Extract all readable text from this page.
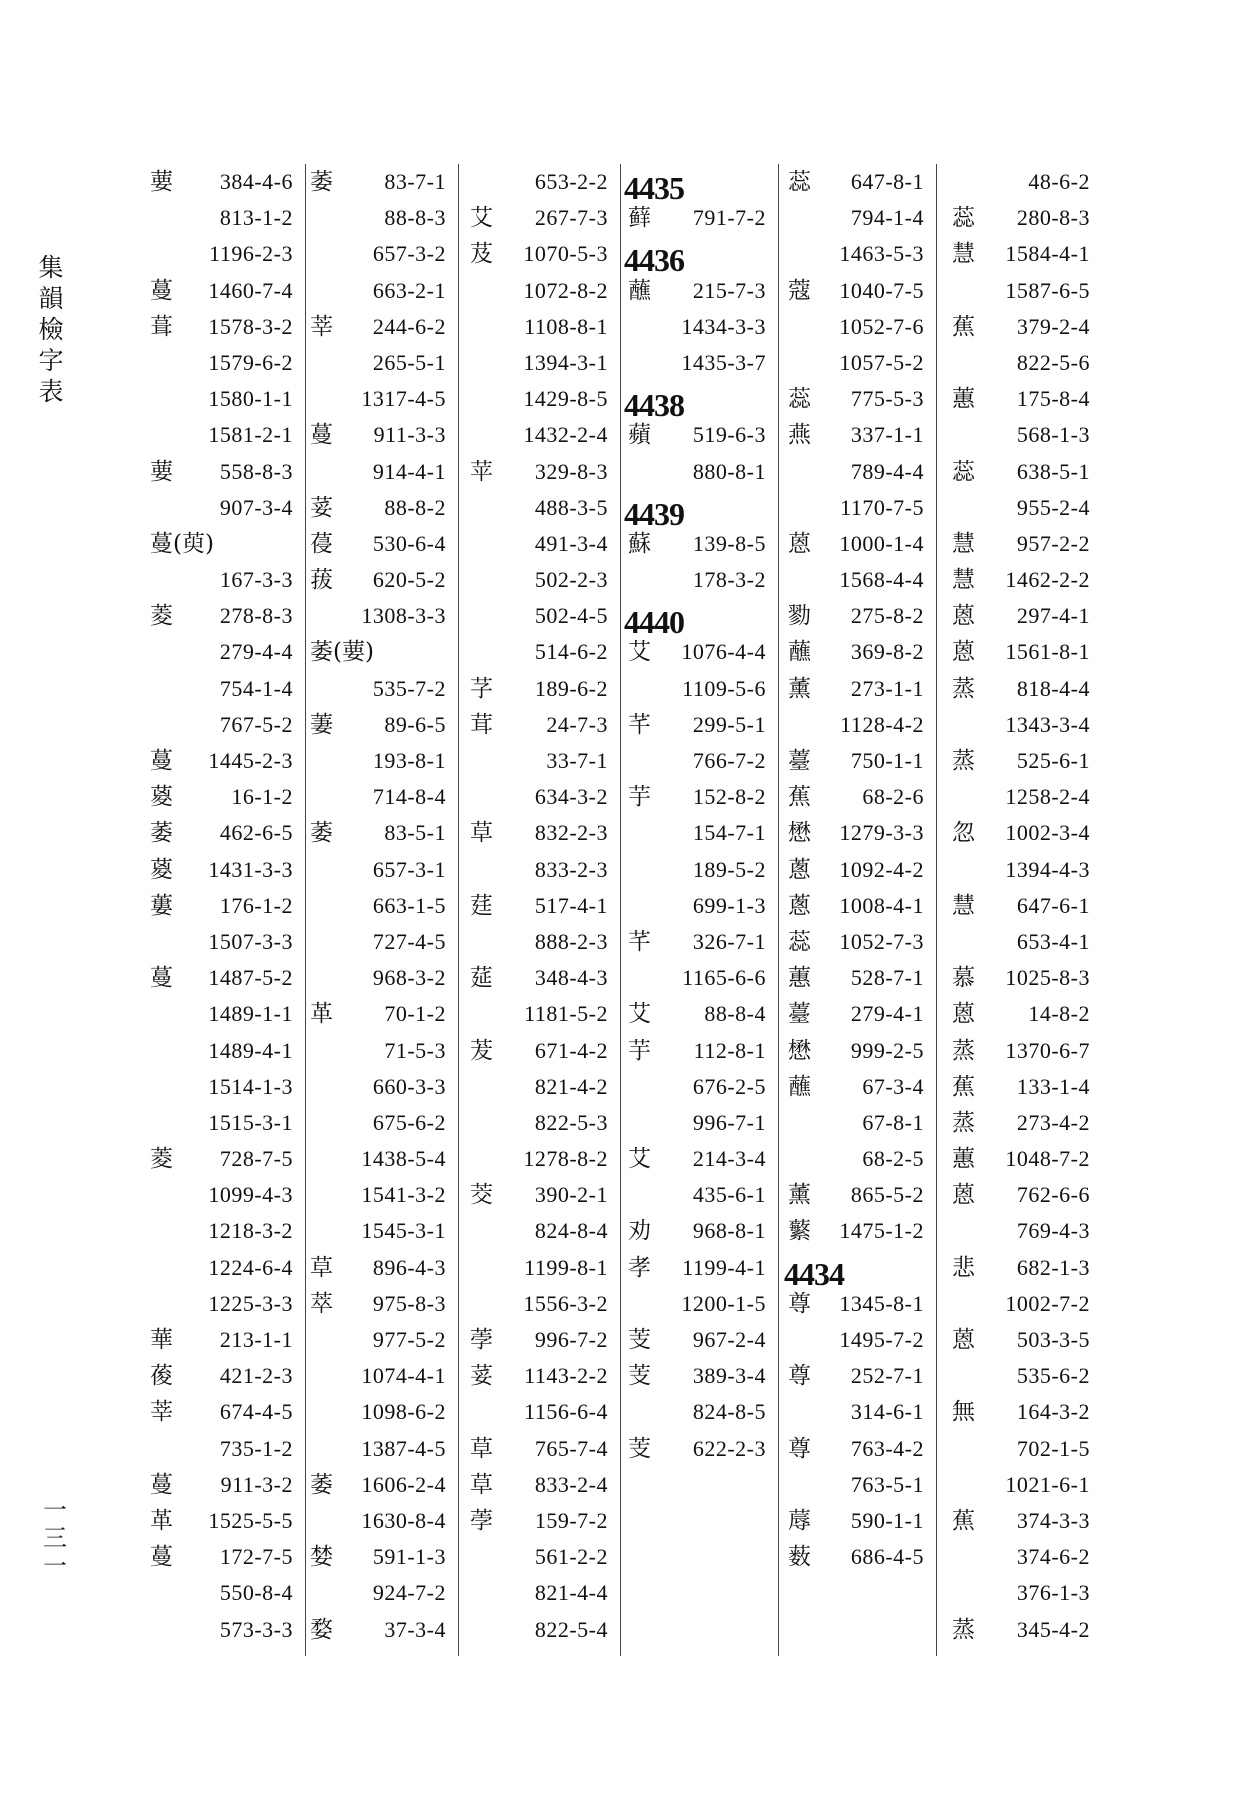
集韻檢字表
一三一
葽 384-4-6
813-1-2
1196-2-3
蔓 1460-7-4
葺 1578-3-2
1579-6-2
1580-1-1
1581-2-1
葽 558-8-3
907-3-4
蔓(萸)
167-3-3
菱 278-8-3
279-4-4
754-1-4
767-5-2
蔓 1445-2-3
葼	16-1-2
萎 462-6-5
葼 1431-3-3
蔞 176-1-2
1507-3-3
蔓 1487-5-2
1489-1-1
1489-4-1
1514-1-3
1515-3-1
菱 728-7-5
1099-4-3
1218-3-2
1224-6-4
1225-3-3
華 213-1-1
葰 421-2-3
莘 674-4-5
735-1-2
蔓 911-3-2
革 1525-5-5
蔓 172-7-5
550-8-4
573-3-3
萎 83-7-1
88-8-3
657-3-2
663-2-1
莘 244-6-2
265-5-1
1317-4-5
蔓 911-3-3
914-4-1
荽 88-8-2
葠 530-6-4
菝 620-5-2
1308-3-3
萎(葽)
535-7-2
萋 89-6-5
193-8-1
714-8-4
萎 83-5-1
657-3-1
663-1-5
727-4-5
968-3-2
革 70-1-2
71-5-3
660-3-3
675-6-2
1438-5-4
1541-3-2
1545-3-1
草 896-4-3
萃 975-8-3
977-5-2
1074-4-1
1098-6-2
1387-4-5
萎 1606-2-4
1630-8-4
婪 591-1-3
924-7-2
婺 37-3-4
653-2-2
艾 267-7-3
芨 1070-5-3
1072-8-2
1108-8-1
1394-3-1
1429-8-5
1432-2-4
苹 329-8-3
488-3-5
491-3-4
502-2-3
502-4-5
514-6-2
芓 189-6-2
茸 24-7-3
33-7-1
634-3-2
草 832-2-3
833-2-3
莛 517-4-1
888-2-3
莚 348-4-3
1181-5-2
茇 671-4-2
821-4-2
822-5-3
1278-8-2
茭 390-2-1
824-8-4
1199-8-1
1556-3-2
荸 996-7-2
荽 1143-2-2
1156-6-4
草 765-7-4
草 833-2-4
荸 159-7-2
561-2-2
821-4-4
822-5-4
4435
藓 791-7-2
4436
蘸 215-7-3
1434-3-3
1435-3-7
4438
蘋 519-6-3
880-8-1
4439
蘇 139-8-5
178-3-2
4440
艾 1076-4-4
1109-5-6
芊 299-5-1
766-7-2
芋 152-8-2
154-7-1
189-5-2
699-1-3
芊 326-7-1
1165-6-6
艾 88-8-4
芋 112-8-1
676-2-5
996-7-1
艾 214-3-4
435-6-1
劝 968-8-1
孝 1199-4-1
1200-1-5
芰 967-2-4
芰 389-3-4
824-8-5
芰 622-2-3
蕊 647-8-1
794-1-4
1463-5-3
蔻 1040-7-5
1052-7-6
1057-5-2
蕊 775-5-3
燕 337-1-1
789-4-4
1170-7-5
蒽 1000-1-4
1568-4-4
勠 275-8-2
蘸 369-8-2
薰 273-1-1
1128-4-2
薹 750-1-1
蕉 68-2-6
懋 1279-3-3
蔥 1092-4-2
蔥 1008-4-1
蕊 1052-7-3
蕙 528-7-1
薹 279-4-1
懋 999-2-5
蘸 67-3-4
67-8-1
68-2-5
薰 865-5-2
蘩 1475-1-2
4434
尊 1345-8-1
1495-7-2
尊 252-7-1
314-6-1
尊 763-4-2
763-5-1
蓐 590-1-1
薮 686-4-5
48-6-2
蕊 280-8-3
慧 1584-4-1
1587-6-5
蕉 379-2-4
822-5-6
蕙 175-8-4
568-1-3
蕊 638-5-1
955-2-4
慧 957-2-2
慧 1462-2-2
蒽 297-4-1
蒽 1561-8-1
蒸 818-4-4
1343-3-4
蒸 525-6-1
1258-2-4
忽 1002-3-4
1394-4-3
慧 647-6-1
653-4-1
慕 1025-8-3
蒽 14-8-2
蒸 1370-6-7
蕉 133-1-4
蒸 273-4-2
蕙 1048-7-2
蒽 762-6-6
769-4-3
悲 682-1-3
1002-7-2
蒽 503-3-5
535-6-2
無 164-3-2
702-1-5
1021-6-1
蕉 374-3-3
374-6-2
376-1-3
蒸 345-4-2
